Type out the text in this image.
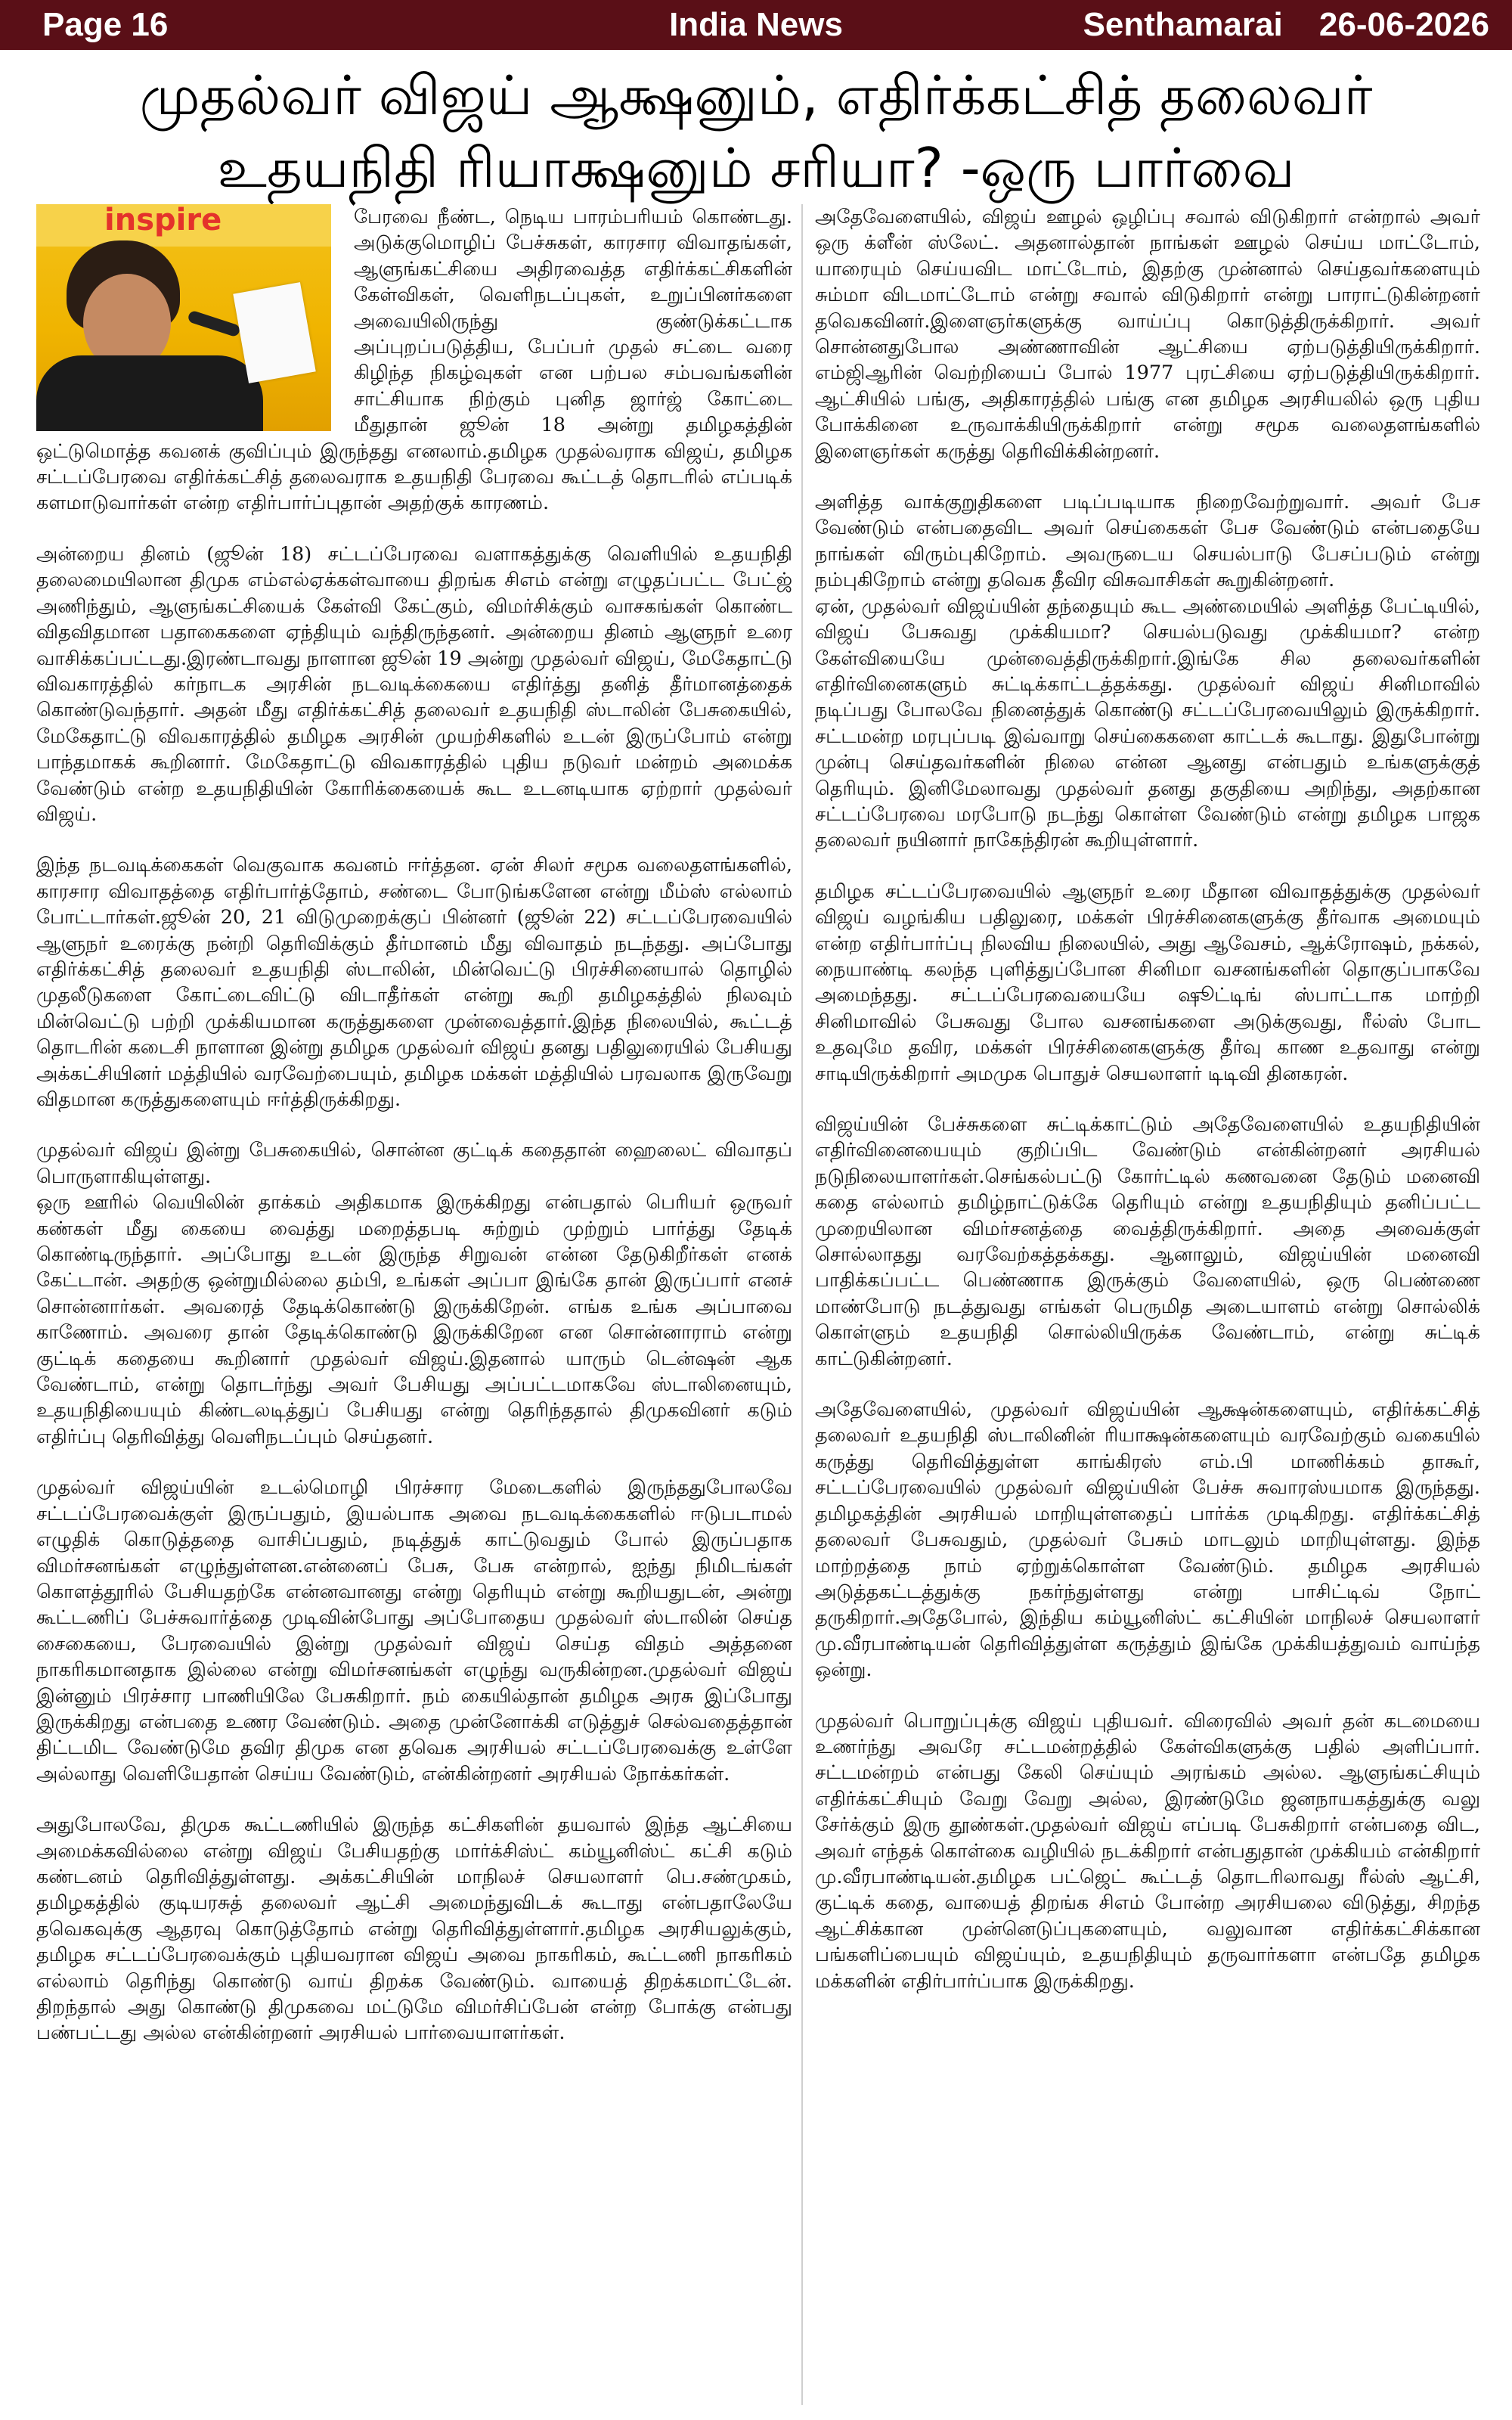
India News
Page 16	Senthamarai 26-06-2026
முதல்வர் விஜய் ஆக்ஷனும், எதிர்க்கட்சித் தலைவர்
உதயநிதி ரியாக்ஷனும் சரியா? -ஒரு பார்வை
inspire	பேரவை நீண்ட, நெடிய பாரம்பரியம் கொண்டது. அடுக்குமொழிப் பேச்சுகள், காரசார விவாதங்கள், ஆளுங்கட்சியை அதிரவைத்த எதிர்க்கட்சிகளின் கேள்விகள், வெளிநடப்புகள், உறுப்பினர்களை அவையிலிருந்து குண்டுக்கட்டாக அப்புறப்படுத்திய, பேப்பர் முதல் சட்டை வரை கிழிந்த நிகழ்வுகள் என பற்பல சம்பவங்களின் சாட்சியாக நிற்கும் புனித ஜார்ஜ் கோட்டை மீதுதான் ஜூன் 18 அன்று தமிழகத்தின் ஒட்டுமொத்த கவனக் குவிப்பும் இருந்தது எனலாம்.தமிழக முதல்வராக விஜய், தமிழக சட்டப்பேரவை எதிர்க்கட்சித் தலைவராக உதயநிதி பேரவை கூட்டத் தொடரில் எப்படிக் களமாடுவார்கள் என்ற எதிர்பார்ப்புதான் அதற்குக் காரணம்.

அன்றைய தினம் (ஜூன் 18) சட்டப்பேரவை வளாகத்துக்கு வெளியில் உதயநிதி தலைமையிலான திமுக எம்எல்ஏக்கள்வாயை திறங்க சிஎம் என்று எழுதப்பட்ட பேட்ஜ் அணிந்தும், ஆளுங்கட்சியைக் கேள்வி கேட்கும், விமர்சிக்கும் வாசகங்கள் கொண்ட விதவிதமான பதாகைகளை ஏந்தியும் வந்திருந்தனர். அன்றைய தினம் ஆளுநர் உரை வாசிக்கப்பட்டது.இரண்டாவது நாளான ஜூன் 19 அன்று முதல்வர் விஜய், மேகேதாட்டு விவகாரத்தில் கர்நாடக அரசின் நடவடிக்கையை எதிர்த்து தனித் தீர்மானத்தைக் கொண்டுவந்தார். அதன் மீது எதிர்க்கட்சித் தலைவர் உதயநிதி ஸ்டாலின் பேசுகையில், மேகேதாட்டு விவகாரத்தில் தமிழக அரசின் முயற்சிகளில் உடன் இருப்போம் என்று பாந்தமாகக் கூறினார். மேகேதாட்டு விவகாரத்தில் புதிய நடுவர் மன்றம் அமைக்க வேண்டும் என்ற உதயநிதியின் கோரிக்கையைக் கூட உடனடியாக ஏற்றார் முதல்வர் விஜய்.

இந்த நடவடிக்கைகள் வெகுவாக கவனம் ஈர்த்தன. ஏன் சிலர் சமூக வலைதளங்களில், காரசார விவாதத்தை எதிர்பார்த்தோம், சண்டை போடுங்களேன என்று மீம்ஸ் எல்லாம் போட்டார்கள்.ஜூன் 20, 21 விடுமுறைக்குப் பின்னர் (ஜூன் 22) சட்டப்பேரவையில் ஆளுநர் உரைக்கு நன்றி தெரிவிக்கும் தீர்மானம் மீது விவாதம் நடந்தது. அப்போது எதிர்க்கட்சித் தலைவர் உதயநிதி ஸ்டாலின், மின்வெட்டு பிரச்சினையால் தொழில் முதலீடுகளை கோட்டைவிட்டு விடாதீர்கள் என்று கூறி தமிழகத்தில் நிலவும் மின்வெட்டு பற்றி முக்கியமான கருத்துகளை முன்வைத்தார்.இந்த நிலையில், கூட்டத் தொடரின் கடைசி நாளான இன்று தமிழக முதல்வர் விஜய் தனது பதிலுரையில் பேசியது அக்கட்சியினர் மத்தியில் வரவேற்பையும், தமிழக மக்கள் மத்தியில் பரவலாக இருவேறு விதமான கருத்துகளையும் ஈர்த்திருக்கிறது.

முதல்வர் விஜய் இன்று பேசுகையில், சொன்ன குட்டிக் கதைதான் ஹைலைட் விவாதப் பொருளாகியுள்ளது.
ஒரு ஊரில் வெயிலின் தாக்கம் அதிகமாக இருக்கிறது என்பதால் பெரியர் ஒருவர் கண்கள் மீது கையை வைத்து மறைத்தபடி சுற்றும் முற்றும் பார்த்து தேடிக் கொண்டிருந்தார். அப்போது உடன் இருந்த சிறுவன் என்ன தேடுகிறீர்கள் எனக் கேட்டான். அதற்கு ஒன்றுமில்லை தம்பி, உங்கள் அப்பா இங்கே தான் இருப்பார் எனச் சொன்னார்கள். அவரைத் தேடிக்கொண்டு இருக்கிறேன். எங்க உங்க அப்பாவை காணோம். அவரை தான் தேடிக்கொண்டு இருக்கிறேன என சொன்னாராம் என்று குட்டிக் கதையை கூறினார் முதல்வர் விஜய்.இதனால் யாரும் டென்ஷன் ஆக வேண்டாம், என்று தொடர்ந்து அவர் பேசியது அப்பட்டமாகவே ஸ்டாலினையும், உதயநிதியையும் கிண்டலடித்துப் பேசியது என்று தெரிந்ததால் திமுகவினர் கடும் எதிர்ப்பு தெரிவித்து வெளிநடப்பும் செய்தனர்.

முதல்வர் விஜய்யின் உடல்மொழி பிரச்சார மேடைகளில் இருந்ததுபோலவே சட்டப்பேரவைக்குள் இருப்பதும், இயல்பாக அவை நடவடிக்கைகளில் ஈடுபடாமல் எழுதிக் கொடுத்ததை வாசிப்பதும், நடித்துக் காட்டுவதும் போல் இருப்பதாக விமர்சனங்கள் எழுந்துள்ளன.என்னைப் பேசு, பேசு என்றால், ஐந்து நிமிடங்கள் கொளத்தூரில் பேசியதற்கே என்னவானது என்று தெரியும் என்று கூறியதுடன், அன்று கூட்டணிப் பேச்சுவார்த்தை முடிவின்போது அப்போதைய முதல்வர் ஸ்டாலின் செய்த சைகையை, பேரவையில் இன்று முதல்வர் விஜய் செய்த விதம் அத்தனை நாகரிகமானதாக இல்லை என்று விமர்சனங்கள் எழுந்து வருகின்றன.முதல்வர் விஜய் இன்னும் பிரச்சார பாணியிலே பேசுகிறார். நம் கையில்தான் தமிழக அரசு இப்போது இருக்கிறது என்பதை உணர வேண்டும். அதை முன்னோக்கி எடுத்துச் செல்வதைத்தான் திட்டமிட வேண்டுமே தவிர திமுக என தவெக அரசியல் சட்டப்பேரவைக்கு உள்ளே அல்லாது வெளியேதான் செய்ய வேண்டும், என்கின்றனர் அரசியல் நோக்கர்கள்.

அதுபோலவே, திமுக கூட்டணியில் இருந்த கட்சிகளின் தயவால் இந்த ஆட்சியை அமைக்கவில்லை என்று விஜய் பேசியதற்கு மார்க்சிஸ்ட் கம்யூனிஸ்ட் கட்சி கடும் கண்டனம் தெரிவித்துள்ளது. அக்கட்சியின் மாநிலச் செயலாளர் பெ.சண்முகம், தமிழகத்தில் குடியரசுத் தலைவர் ஆட்சி அமைந்துவிடக் கூடாது என்பதாலேயே தவெகவுக்கு ஆதரவு கொடுத்தோம் என்று தெரிவித்துள்ளார்.தமிழக அரசியலுக்கும், தமிழக சட்டப்பேரவைக்கும் புதியவரான விஜய் அவை நாகரிகம், கூட்டணி நாகரிகம் எல்லாம் தெரிந்து கொண்டு வாய் திறக்க வேண்டும். வாயைத் திறக்கமாட்டேன். திறந்தால் அது கொண்டு திமுகவை மட்டுமே விமர்சிப்பேன் என்ற போக்கு என்பது பண்பட்டது அல்ல என்கின்றனர் அரசியல் பார்வையாளர்கள்.

அதேவேளையில், விஜய் ஊழல் ஒழிப்பு சவால் விடுகிறார் என்றால் அவர் ஒரு க்ளீன் ஸ்லேட். அதனால்தான் நாங்கள் ஊழல் செய்ய மாட்டோம், யாரையும் செய்யவிட மாட்டோம், இதற்கு முன்னால் செய்தவர்களையும் சும்மா விடமாட்டோம் என்று சவால் விடுகிறார் என்று பாராட்டுகின்றனர் தவெகவினர்.இளைஞர்களுக்கு வாய்ப்பு கொடுத்திருக்கிறார். அவர் சொன்னதுபோல அண்ணாவின் ஆட்சியை ஏற்படுத்தியிருக்கிறார். எம்ஜிஆரின் வெற்றியைப் போல் 1977 புரட்சியை ஏற்படுத்தியிருக்கிறார். ஆட்சியில் பங்கு, அதிகாரத்தில் பங்கு என தமிழக அரசியலில் ஒரு புதிய போக்கினை உருவாக்கியிருக்கிறார் என்று சமூக வலைதளங்களில் இளைஞர்கள் கருத்து தெரிவிக்கின்றனர்.

அளித்த வாக்குறுதிகளை படிப்படியாக நிறைவேற்றுவார். அவர் பேச வேண்டும் என்பதைவிட அவர் செய்கைகள் பேச வேண்டும் என்பதையே நாங்கள் விரும்புகிறோம். அவருடைய செயல்பாடு பேசப்படும் என்று நம்புகிறோம் என்று தவெக தீவிர விசுவாசிகள் கூறுகின்றனர்.
ஏன், முதல்வர் விஜய்யின் தந்தையும் கூட அண்மையில் அளித்த பேட்டியில், விஜய் பேசுவது முக்கியமா? செயல்படுவது முக்கியமா? என்ற கேள்வியையே முன்வைத்திருக்கிறார்.இங்கே சில தலைவர்களின் எதிர்வினைகளும் சுட்டிக்காட்டத்தக்கது. முதல்வர் விஜய் சினிமாவில் நடிப்பது போலவே நினைத்துக் கொண்டு சட்டப்பேரவையிலும் இருக்கிறார். சட்டமன்ற மரபுப்படி இவ்வாறு செய்கைகளை காட்டக் கூடாது. இதுபோன்று முன்பு செய்தவர்களின் நிலை என்ன ஆனது என்பதும் உங்களுக்குத் தெரியும். இனிமேலாவது முதல்வர் தனது தகுதியை அறிந்து, அதற்கான சட்டப்பேரவை மரபோடு நடந்து கொள்ள வேண்டும் என்று தமிழக பாஜக தலைவர் நயினார் நாகேந்திரன் கூறியுள்ளார்.

தமிழக சட்டப்பேரவையில் ஆளுநர் உரை மீதான விவாதத்துக்கு முதல்வர் விஜய் வழங்கிய பதிலுரை, மக்கள் பிரச்சினைகளுக்கு தீர்வாக அமையும் என்ற எதிர்பார்ப்பு நிலவிய நிலையில், அது ஆவேசம், ஆக்ரோஷம், நக்கல், நையாண்டி கலந்த புளித்துப்போன சினிமா வசனங்களின் தொகுப்பாகவே அமைந்தது. சட்டப்பேரவையையே ஷூட்டிங் ஸ்பாட்டாக மாற்றி சினிமாவில் பேசுவது போல வசனங்களை அடுக்குவது, ரீல்ஸ் போட உதவுமே தவிர, மக்கள் பிரச்சினைகளுக்கு தீர்வு காண உதவாது என்று சாடியிருக்கிறார் அமமுக பொதுச் செயலாளர் டிடிவி தினகரன்.

விஜய்யின் பேச்சுகளை சுட்டிக்காட்டும் அதேவேளையில் உதயநிதியின் எதிர்வினையையும் குறிப்பிட வேண்டும் என்கின்றனர் அரசியல் நடுநிலையாளர்கள்.செங்கல்பட்டு கோர்ட்டில் கணவனை தேடும் மனைவி கதை எல்லாம் தமிழ்நாட்டுக்கே தெரியும் என்று உதயநிதியும் தனிப்பட்ட முறையிலான விமர்சனத்தை வைத்திருக்கிறார். அதை அவைக்குள் சொல்லாதது வரவேற்கத்தக்கது. ஆனாலும், விஜய்யின் மனைவி பாதிக்கப்பட்ட பெண்ணாக இருக்கும் வேளையில், ஒரு பெண்ணை மாண்போடு நடத்துவது எங்கள் பெருமித அடையாளம் என்று சொல்லிக் கொள்ளும் உதயநிதி சொல்லியிருக்க வேண்டாம், என்று சுட்டிக் காட்டுகின்றனர்.

அதேவேளையில், முதல்வர் விஜய்யின் ஆக்ஷன்களையும், எதிர்க்கட்சித் தலைவர் உதயநிதி ஸ்டாலினின் ரியாக்ஷன்களையும் வரவேற்கும் வகையில் கருத்து தெரிவித்துள்ள காங்கிரஸ் எம்.பி மாணிக்கம் தாகூர், சட்டப்பேரவையில் முதல்வர் விஜய்யின் பேச்சு சுவாரஸ்யமாக இருந்தது. தமிழகத்தின் அரசியல் மாறியுள்ளதைப் பார்க்க முடிகிறது. எதிர்க்கட்சித் தலைவர் பேசுவதும், முதல்வர் பேசும் மாடலும் மாறியுள்ளது. இந்த மாற்றத்தை நாம் ஏற்றுக்கொள்ள வேண்டும். தமிழக அரசியல் அடுத்தகட்டத்துக்கு நகர்ந்துள்ளது என்று பாசிட்டிவ் நோட் தருகிறார்.அதேபோல், இந்திய கம்யூனிஸ்ட் கட்சியின் மாநிலச் செயலாளர் மு.வீரபாண்டியன் தெரிவித்துள்ள கருத்தும் இங்கே முக்கியத்துவம் வாய்ந்த ஒன்று.

முதல்வர் பொறுப்புக்கு விஜய் புதியவர். விரைவில் அவர் தன் கடமையை உணர்ந்து அவரே சட்டமன்றத்தில் கேள்விகளுக்கு பதில் அளிப்பார். சட்டமன்றம் என்பது கேலி செய்யும் அரங்கம் அல்ல. ஆளுங்கட்சியும் எதிர்க்கட்சியும் வேறு வேறு அல்ல, இரண்டுமே ஜனநாயகத்துக்கு வலு சேர்க்கும் இரு தூண்கள்.முதல்வர் விஜய் எப்படி பேசுகிறார் என்பதை விட, அவர் எந்தக் கொள்கை வழியில் நடக்கிறார் என்பதுதான் முக்கியம் என்கிறார் மு.வீரபாண்டியன்.தமிழக பட்ஜெட் கூட்டத் தொடரிலாவது ரீல்ஸ் ஆட்சி, குட்டிக் கதை, வாயைத் திறங்க சிஎம் போன்ற அரசியலை விடுத்து, சிறந்த ஆட்சிக்கான முன்னெடுப்புகளையும், வலுவான எதிர்க்கட்சிக்கான பங்களிப்பையும் விஜய்யும், உதயநிதியும் தருவார்களா என்பதே தமிழக மக்களின் எதிர்பார்ப்பாக இருக்கிறது.
